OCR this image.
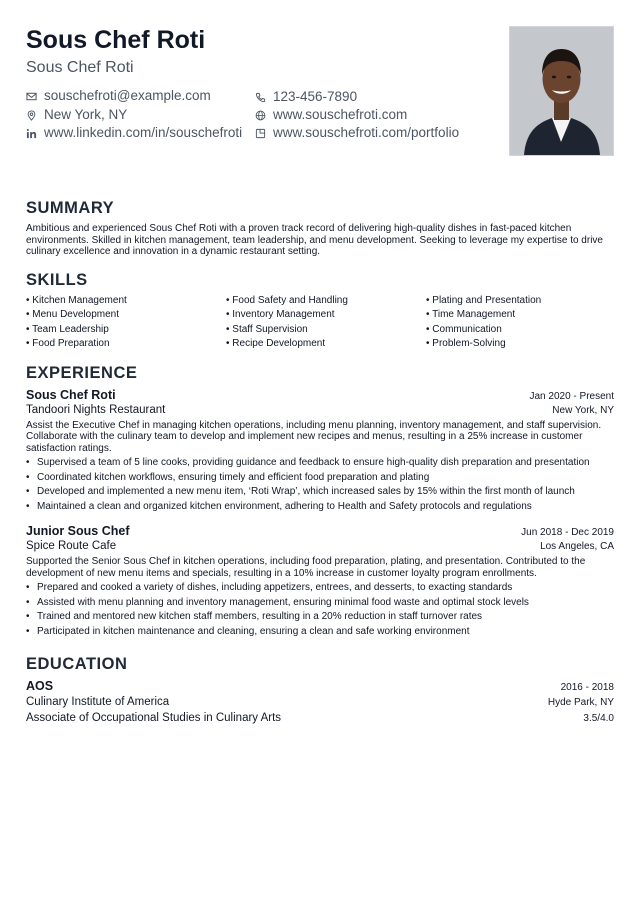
Sous Chef Roti
Sous Chef Roti
souschefroti@example.com	123-456-7890
New York, NY	www.souschefroti.com
www.linkedin.com/in/souschefroti www.souschefroti.com/portfolio
SUMMARY
Ambitious and experienced Sous Chef Roti with a proven track record of delivering high-quality dishes in fast-paced kitchen environments. Skilled in kitchen management, team leadership, and menu development. Seeking to leverage my expertise to drive culinary excellence and innovation in a dynamic restaurant setting.
SKILLS
• Kitchen Management	• Food Safety and Handling	• Plating and Presentation
• Menu Development	• Inventory Management	• Time Management
• Team Leadership	• Staff Supervision	• Communication
• Food Preparation	• Recipe Development	• Problem-Solving
EXPERIENCE
Sous Chef Roti	Jan 2020 - Present
Tandoori Nights Restaurant	New York, NY
Assist the Executive Chef in managing kitchen operations, including menu planning, inventory management, and staff supervision. Collaborate with the culinary team to develop and implement new recipes and menus, resulting in a 25% increase in customer satisfaction ratings.
• Supervised a team of 5 line cooks, providing guidance and feedback to ensure high-quality dish preparation and presentation
• Coordinated kitchen workflows, ensuring timely and efficient food preparation and plating
• Developed and implemented a new menu item, ‘Roti Wrap’, which increased sales by 15% within the first month of launch
• Maintained a clean and organized kitchen environment, adhering to Health and Safety protocols and regulations
Junior Sous Chef	Jun 2018 - Dec 2019
Spice Route Cafe	Los Angeles, CA
Supported the Senior Sous Chef in kitchen operations, including food preparation, plating, and presentation. Contributed to the development of new menu items and specials, resulting in a 10% increase in customer loyalty program enrollments.
• Prepared and cooked a variety of dishes, including appetizers, entrees, and desserts, to exacting standards
• Assisted with menu planning and inventory management, ensuring minimal food waste and optimal stock levels
• Trained and mentored new kitchen staff members, resulting in a 20% reduction in staff turnover rates
• Participated in kitchen maintenance and cleaning, ensuring a clean and safe working environment
EDUCATION
AOS	2016 - 2018
Culinary Institute of America	Hyde Park, NY
Associate of Occupational Studies in Culinary Arts	3.5/4.0
